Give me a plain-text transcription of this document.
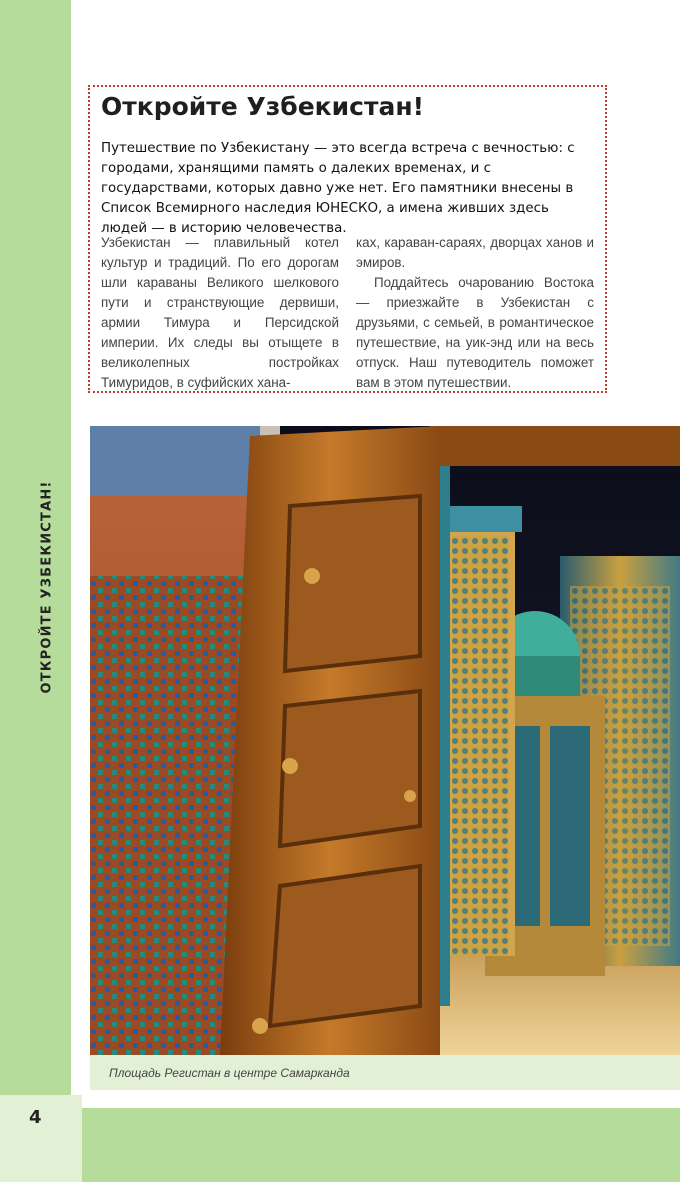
ОТКРОЙТЕ УЗБЕКИСТАН!
Откройте Узбекистан!

Путешествие по Узбекистану — это всегда встреча с вечностью: с городами, хранящими память о далеких временах, и с государствами, которых давно уже нет. Его памятники внесены в Список Всемирного наследия ЮНЕСКО, а имена живших здесь людей — в историю человечества.

Узбекистан — плавильный котел культур и традиций. По его дорогам шли караваны Великого шелкового пути и странствующие дервиши, армии Тимура и Персидской империи. Их следы вы отыщете в великолепных постройках Тимуридов, в суфийских хана-

ках, караван-сараях, дворцах ханов и эмиров.

Поддайтесь очарованию Востока — приезжайте в Узбекистан с друзьями, с семьей, в романтическое путешествие, на уик-энд или на весь отпуск. Наш путеводитель поможет вам в этом путешествии.

Площадь Регистан в центре Самарканда
4
